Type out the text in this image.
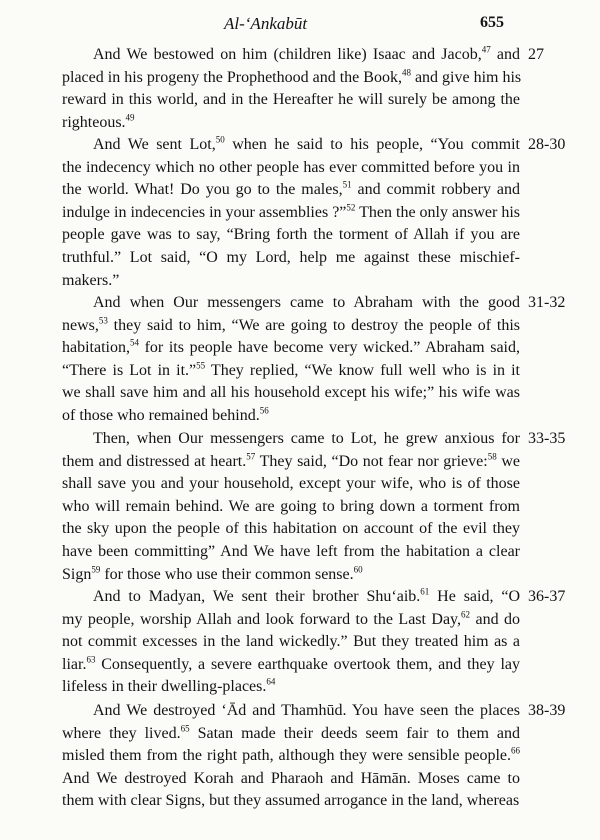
Al-‘Ankabūt	655
27
And We bestowed on him (children like) Isaac and Jacob,$^{47}$ and
placed in his progeny the Prophethood and the Book,$^{48}$ and give him his
reward in this world, and in the Hereafter he will surely be among the
righteous.$^{49}$
28-30
And We sent Lot,$^{50}$ when he said to his people, “You commit
the indecency which no other people has ever committed before you in
the world. What! Do you go to the males,$^{51}$ and commit robbery and
indulge in indecencies in your assemblies ?”$^{52}$ Then the only answer his
people gave was to say, “Bring forth the torment of Allah if you are
truthful.” Lot said, “O my Lord, help me against these mischief-
makers.”
31-32
And when Our messengers came to Abraham with the good
news,$^{53}$ they said to him, “We are going to destroy the people of this
habitation,$^{54}$ for its people have become very wicked.” Abraham said,
“There is Lot in it.”$^{55}$ They replied, “We know full well who is in it
we shall save him and all his household except his wife;” his wife was
of those who remained behind.$^{56}$
33-35
Then, when Our messengers came to Lot, he grew anxious for
them and distressed at heart.$^{57}$ They said, “Do not fear nor grieve:$^{58}$ we
shall save you and your household, except your wife, who is of those
who will remain behind. We are going to bring down a torment from
the sky upon the people of this habitation on account of the evil they
have been committing” And We have left from the habitation a clear
Sign$^{59}$ for those who use their common sense.$^{60}$
36-37
And to Madyan, We sent their brother Shu‘aib.$^{61}$ He said, “O
my people, worship Allah and look forward to the Last Day,$^{62}$ and do
not commit excesses in the land wickedly.” But they treated him as a
liar.$^{63}$ Consequently, a severe earthquake overtook them, and they lay
lifeless in their dwelling-places.$^{64}$
38-39
And We destroyed ‘Ād and Thamhūd. You have seen the places
where they lived.$^{65}$ Satan made their deeds seem fair to them and
misled them from the right path, although they were sensible people.$^{66}$
And We destroyed Korah and Pharaoh and Hāmān. Moses came to
them with clear Signs, but they assumed arrogance in the land, whereas
